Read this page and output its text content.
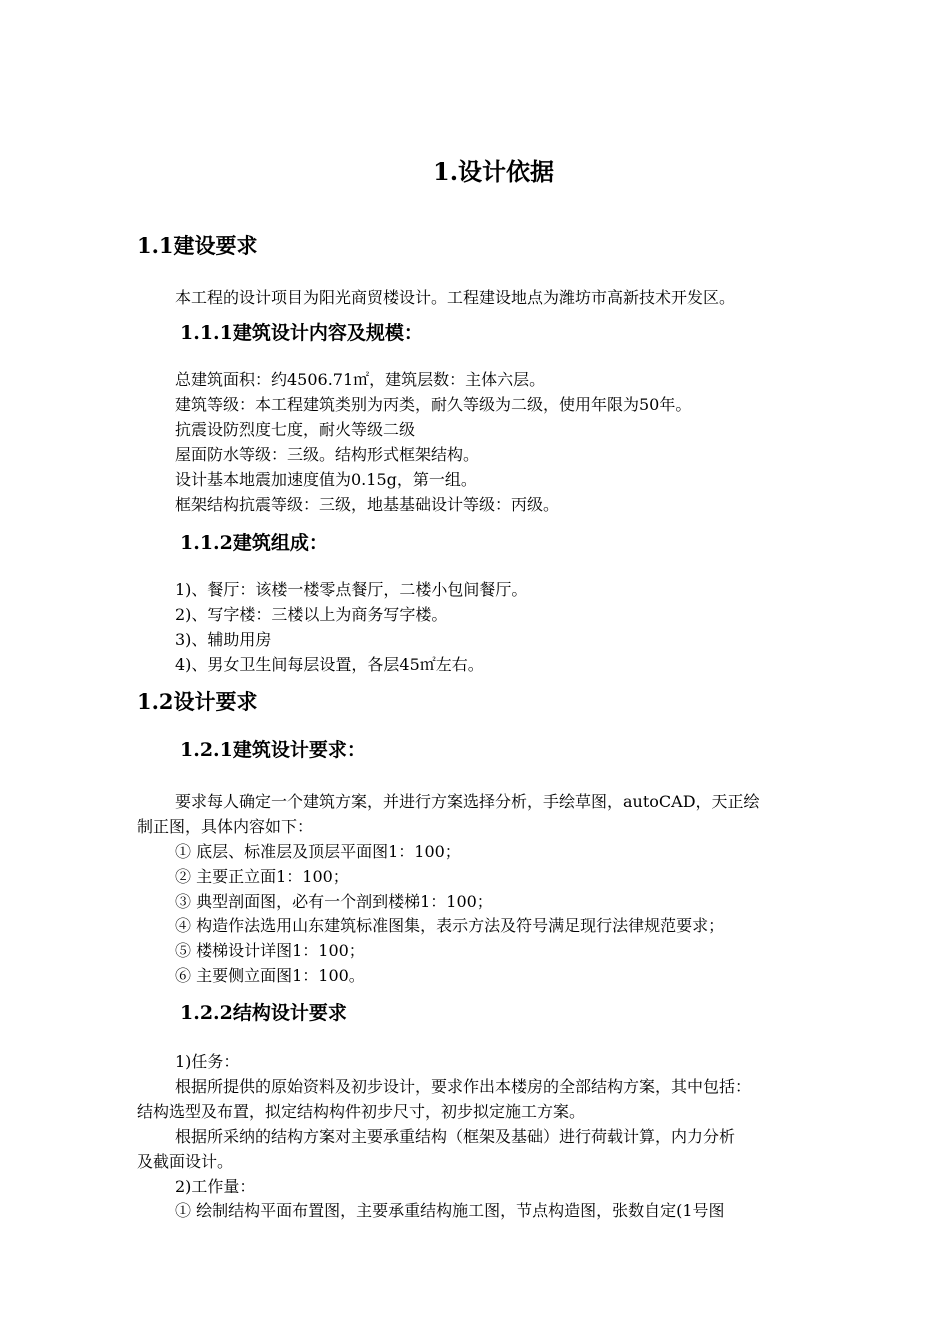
1.设计依据
1.1建设要求
本工程的设计项目为阳光商贸楼设计。工程建设地点为潍坊市高新技术开发区。
1.1.1建筑设计内容及规模：
总建筑面积：约4506.71㎡，建筑层数：主体六层。
建筑等级：本工程建筑类别为丙类，耐久等级为二级，使用年限为50年。
抗震设防烈度七度，耐火等级二级
屋面防水等级：三级。结构形式框架结构。
设计基本地震加速度值为0.15g，第一组。
框架结构抗震等级：三级，地基基础设计等级：丙级。
1.1.2建筑组成：
1)、餐厅：该楼一楼零点餐厅，二楼小包间餐厅。
2)、写字楼：三楼以上为商务写字楼。
3)、辅助用房
4)、男女卫生间每层设置，各层45㎡左右。
1.2设计要求
1.2.1建筑设计要求：
要求每人确定一个建筑方案，并进行方案选择分析，手绘草图，autoCAD，天正绘
制正图，具体内容如下：
① 底层、标准层及顶层平面图1：100；
② 主要正立面1：100；
③ 典型剖面图，必有一个剖到楼梯1：100；
④ 构造作法选用山东建筑标准图集，表示方法及符号满足现行法律规范要求；
⑤ 楼梯设计详图1：100；
⑥ 主要侧立面图1：100。
1.2.2结构设计要求
1)任务：
根据所提供的原始资料及初步设计，要求作出本楼房的全部结构方案，其中包括：
结构选型及布置，拟定结构构件初步尺寸，初步拟定施工方案。
根据所采纳的结构方案对主要承重结构（框架及基础）进行荷载计算，内力分析
及截面设计。
2)工作量：
① 绘制结构平面布置图，主要承重结构施工图，节点构造图，张数自定(1号图
